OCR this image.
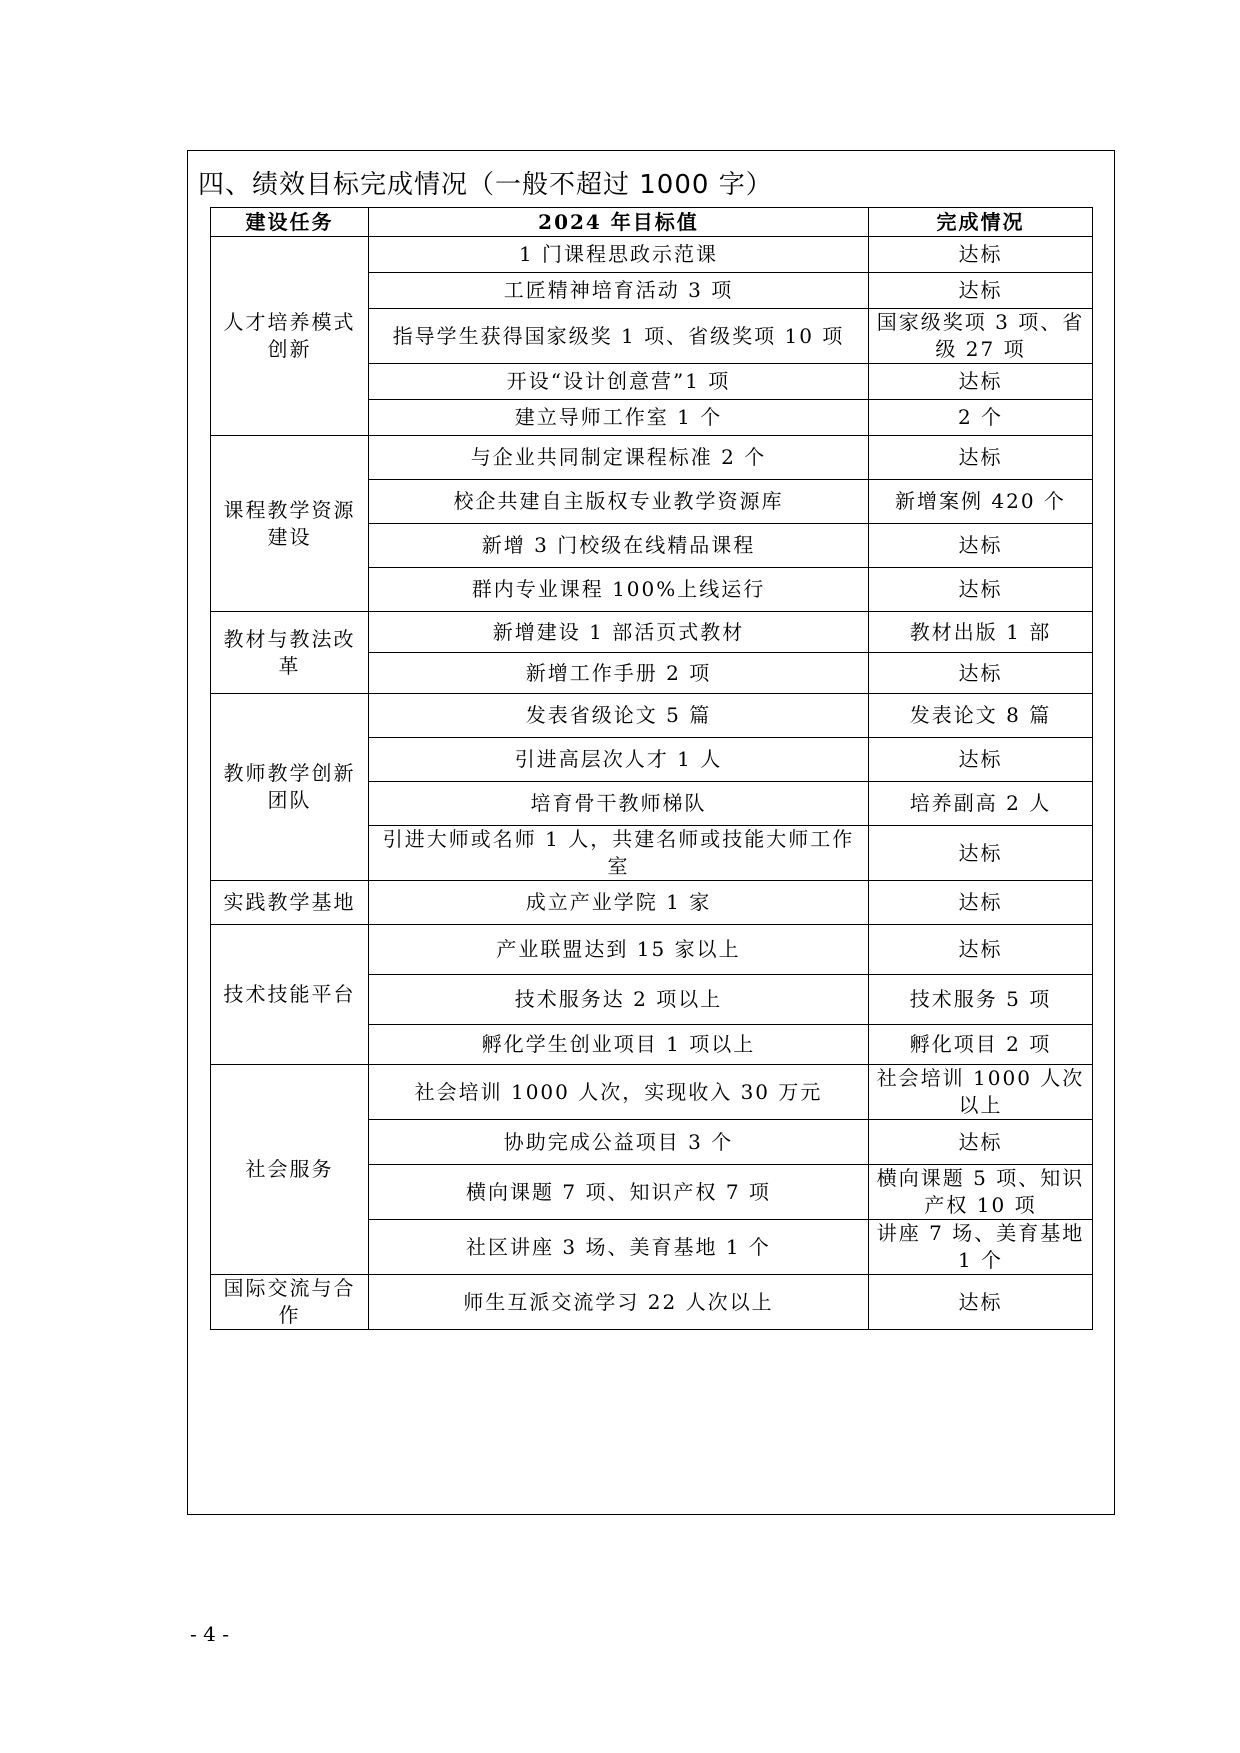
四、绩效目标完成情况（一般不超过 1000 字）
建设任务	2024 年目标值	完成情况
人才培养模式创新	1 门课程思政示范课	达标
	工匠精神培育活动 3 项	达标
	指导学生获得国家级奖 1 项、省级奖项 10 项	国家级奖项 3 项、省级 27 项
	开设“设计创意营”1 项	达标
	建立导师工作室 1 个	2 个
课程教学资源建设	与企业共同制定课程标准 2 个	达标
	校企共建自主版权专业教学资源库	新增案例 420 个
	新增 3 门校级在线精品课程	达标
	群内专业课程 100%上线运行	达标
教材与教法改革	新增建设 1 部活页式教材	教材出版 1 部
	新增工作手册 2 项	达标
教师教学创新团队	发表省级论文 5 篇	发表论文 8 篇
	引进高层次人才 1 人	达标
	培育骨干教师梯队	培养副高 2 人
	引进大师或名师 1 人，共建名师或技能大师工作室	达标
实践教学基地	成立产业学院 1 家	达标
技术技能平台	产业联盟达到 15 家以上	达标
	技术服务达 2 项以上	技术服务 5 项
	孵化学生创业项目 1 项以上	孵化项目 2 项
社会服务	社会培训 1000 人次，实现收入 30 万元	社会培训 1000 人次以上
	协助完成公益项目 3 个	达标
	横向课题 7 项、知识产权 7 项	横向课题 5 项、知识产权 10 项
	社区讲座 3 场、美育基地 1 个	讲座 7 场、美育基地 1 个
国际交流与合作	师生互派交流学习 22 人次以上	达标
- 4 -
